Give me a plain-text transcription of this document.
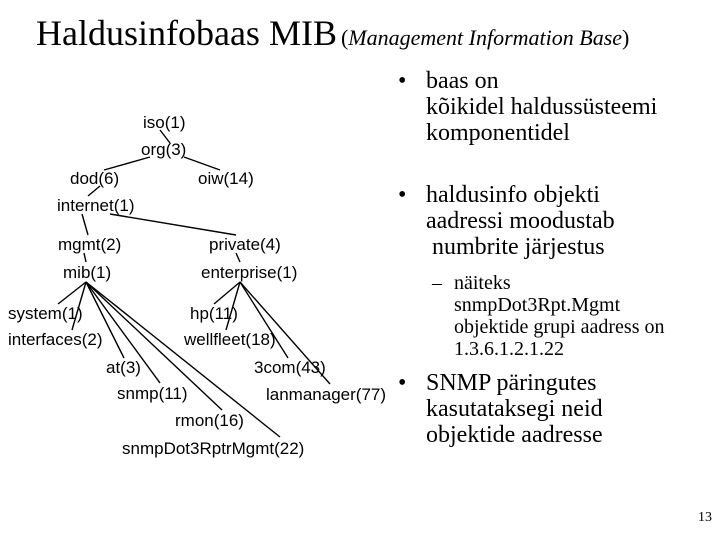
Haldusinfobaas MIB (Management Information Base)
iso(1)
org(3)
dod(6)	oiw(14)
internet(1)
mgmt(2)	private(4)
mib(1)	enterprise(1)
system(1)
interfaces(2)
at(3)
snmp(11)
rmon(16)
snmpDot3RptrMgmt(22)
hp(11)
wellfleet(18)
3com(43)
lanmanager(77)
• baas on
kõikidel haldussüsteemi
komponentidel
• haldusinfo objekti
aadressi moodustab
numbrite järjestus
– näiteks
snmpDot3Rpt.Mgmt
objektide grupi aadress on
1.3.6.1.2.1.22
• SNMP päringutes
kasutataksegi neid
objektide aadresse
13
